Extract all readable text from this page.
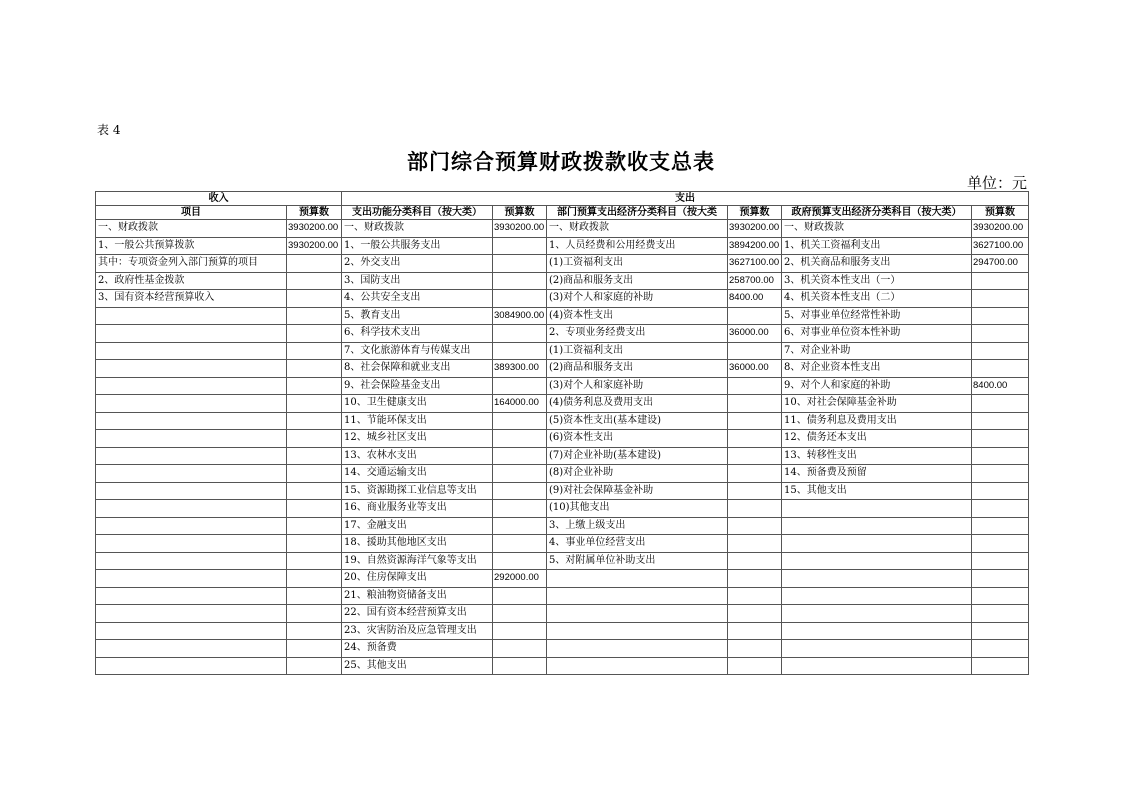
表 4
部门综合预算财政拨款收支总表
单位：元
收入		支出					
项目	预算数	支出功能分类科目（按大类）	预算数	部门预算支出经济分类科目（按大类	预算数	政府预算支出经济分类科目（按大类）	预算数
一、财政拨款	3930200.00	一、财政拨款	3930200.00	一、财政拨款	3930200.00	一、财政拨款	3930200.00
1、一般公共预算拨款	3930200.00	1、一般公共服务支出		1、人员经费和公用经费支出	3894200.00	1、机关工资福利支出	3627100.00
其中：专项资金列入部门预算的项目		2、外交支出		(1)工资福利支出	3627100.00	2、机关商品和服务支出	294700.00
2、政府性基金拨款		3、国防支出		(2)商品和服务支出	258700.00	3、机关资本性支出（一）	
3、国有资本经营预算收入		4、公共安全支出		(3)对个人和家庭的补助	8400.00	4、机关资本性支出（二）	
		5、教育支出	3084900.00	(4)资本性支出		5、对事业单位经常性补助	
		6、科学技术支出		2、专项业务经费支出	36000.00	6、对事业单位资本性补助	
		7、文化旅游体育与传媒支出		(1)工资福利支出		7、对企业补助	
		8、社会保障和就业支出	389300.00	(2)商品和服务支出	36000.00	8、对企业资本性支出	
		9、社会保险基金支出		(3)对个人和家庭补助		9、对个人和家庭的补助	8400.00
		10、卫生健康支出	164000.00	(4)债务利息及费用支出		10、对社会保障基金补助	
		11、节能环保支出		(5)资本性支出(基本建设)		11、债务利息及费用支出	
		12、城乡社区支出		(6)资本性支出		12、债务还本支出	
		13、农林水支出		(7)对企业补助(基本建设)		13、转移性支出	
		14、交通运输支出		(8)对企业补助		14、预备费及预留	
		15、资源勘探工业信息等支出		(9)对社会保障基金补助		15、其他支出	
		16、商业服务业等支出		(10)其他支出			
		17、金融支出		3、上缴上级支出			
		18、援助其他地区支出		4、事业单位经营支出			
		19、自然资源海洋气象等支出		5、对附属单位补助支出			
		20、住房保障支出	292000.00				
		21、粮油物资储备支出					
		22、国有资本经营预算支出					
		23、灾害防治及应急管理支出					
		24、预备费					
		25、其他支出					
